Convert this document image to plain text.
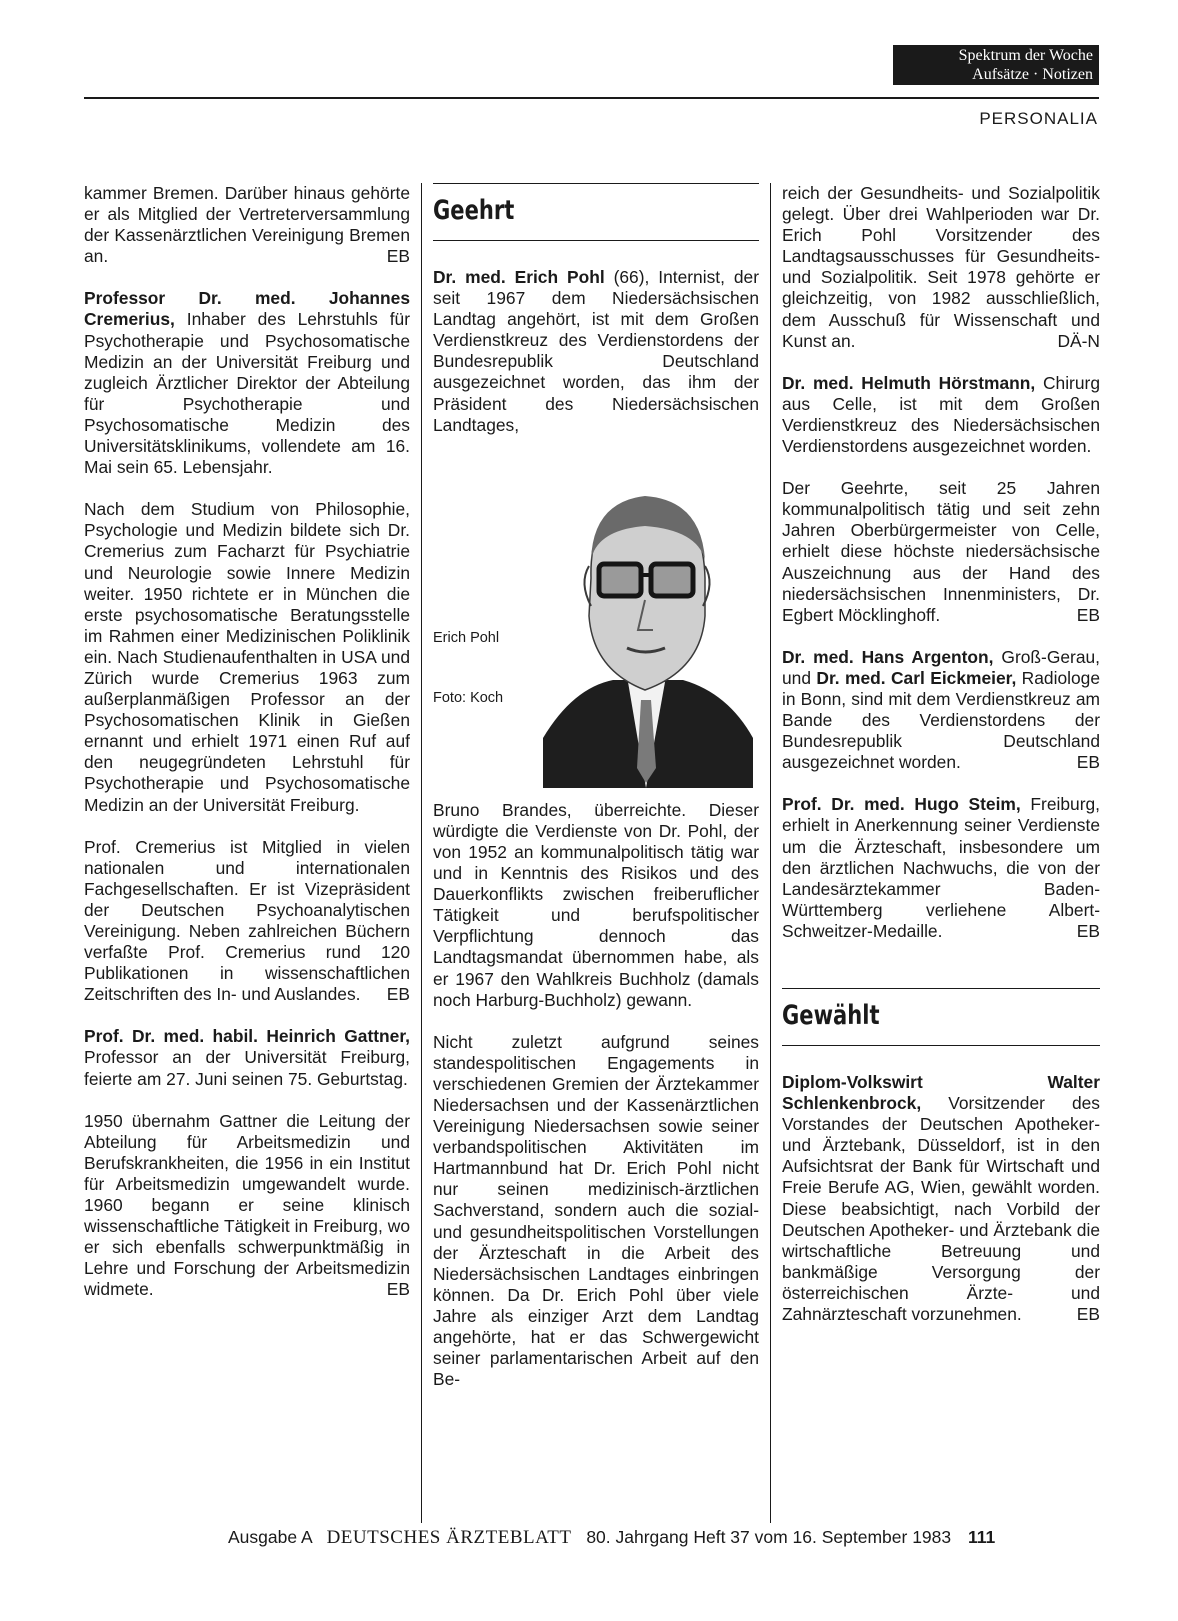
Spektrum der Woche
Aufsätze · Notizen
PERSONALIA

kammer Bremen. Darüber hinaus gehörte er als Mitglied der Vertreterversammlung der Kassenärztlichen Vereinigung Bremen an.	EB

Professor Dr. med. Johannes Cremerius, Inhaber des Lehrstuhls für Psychotherapie und Psychosomatische Medizin an der Universität Freiburg und zugleich Ärztlicher Direktor der Abteilung für Psychotherapie und Psychosomatische Medizin des Universitätsklinikums, vollendete am 16. Mai sein 65. Lebensjahr.

Nach dem Studium von Philosophie, Psychologie und Medizin bildete sich Dr. Cremerius zum Facharzt für Psychiatrie und Neurologie sowie Innere Medizin weiter. 1950 richtete er in München die erste psychosomatische Beratungsstelle im Rahmen einer Medizinischen Poliklinik ein. Nach Studienaufenthalten in USA und Zürich wurde Cremerius 1963 zum außerplanmäßigen Professor an der Psychosomatischen Klinik in Gießen ernannt und erhielt 1971 einen Ruf auf den neugegründeten Lehrstuhl für Psychotherapie und Psychosomatische Medizin an der Universität Freiburg.

Prof. Cremerius ist Mitglied in vielen nationalen und internationalen Fachgesellschaften. Er ist Vizepräsident der Deutschen Psychoanalytischen Vereinigung. Neben zahlreichen Büchern verfaßte Prof. Cremerius rund 120 Publikationen in wissenschaftlichen Zeitschriften des In- und Auslandes. EB

Prof. Dr. med. habil. Heinrich Gattner, Professor an der Universität Freiburg, feierte am 27. Juni seinen 75. Geburtstag.

1950 übernahm Gattner die Leitung der Abteilung für Arbeitsmedizin und Berufskrankheiten, die 1956 in ein Institut für Arbeitsmedizin umgewandelt wurde. 1960 begann er seine klinisch wissenschaftliche Tätigkeit in Freiburg, wo er sich ebenfalls schwerpunktmäßig in Lehre und Forschung der Arbeitsmedizin widmete.	EB

Geehrt

Dr. med. Erich Pohl (66), Internist, der seit 1967 dem Niedersächsischen Landtag angehört, ist mit dem Großen Verdienstkreuz des Verdienstordens der Bundesrepublik Deutschland ausgezeichnet worden, das ihm der Präsident des Niedersächsischen Landtages,

Erich Pohl
Foto: Koch

Bruno Brandes, überreichte. Dieser würdigte die Verdienste von Dr. Pohl, der von 1952 an kommunalpolitisch tätig war und in Kenntnis des Risikos und des Dauerkonflikts zwischen freiberuflicher Tätigkeit und berufspolitischer Verpflichtung dennoch das Landtagsmandat übernommen habe, als er 1967 den Wahlkreis Buchholz (damals noch Harburg-Buchholz) gewann.

Nicht zuletzt aufgrund seines standespolitischen Engagements in verschiedenen Gremien der Ärztekammer Niedersachsen und der Kassenärztlichen Vereinigung Niedersachsen sowie seiner verbandspolitischen Aktivitäten im Hartmannbund hat Dr. Erich Pohl nicht nur seinen medizinisch-ärztlichen Sachverstand, sondern auch die sozial- und gesundheitspolitischen Vorstellungen der Ärzteschaft in die Arbeit des Niedersächsischen Landtages einbringen können. Da Dr. Erich Pohl über viele Jahre als einziger Arzt dem Landtag angehörte, hat er das Schwergewicht seiner parlamentarischen Arbeit auf den Be-

reich der Gesundheits- und Sozialpolitik gelegt. Über drei Wahlperioden war Dr. Erich Pohl Vorsitzender des Landtagsausschusses für Gesundheits- und Sozialpolitik. Seit 1978 gehörte er gleichzeitig, von 1982 ausschließlich, dem Ausschuß für Wissenschaft und Kunst an.	DÄ-N

Dr. med. Helmuth Hörstmann, Chirurg aus Celle, ist mit dem Großen Verdienstkreuz des Niedersächsischen Verdienstordens ausgezeichnet worden.

Der Geehrte, seit 25 Jahren kommunalpolitisch tätig und seit zehn Jahren Oberbürgermeister von Celle, erhielt diese höchste niedersächsische Auszeichnung aus der Hand des niedersächsischen Innenministers, Dr. Egbert Möcklinghoff.	EB

Dr. med. Hans Argenton, Groß-Gerau, und Dr. med. Carl Eickmeier, Radiologe in Bonn, sind mit dem Verdienstkreuz am Bande des Verdienstordens der Bundesrepublik Deutschland ausgezeichnet worden.	EB

Prof. Dr. med. Hugo Steim, Freiburg, erhielt in Anerkennung seiner Verdienste um die Ärzteschaft, insbesondere um den ärztlichen Nachwuchs, die von der Landesärztekammer Baden-Württemberg verliehene Albert-Schweitzer-Medaille.	EB

Gewählt

Diplom-Volkswirt Walter Schlenkenbrock, Vorsitzender des Vorstandes der Deutschen Apotheker- und Ärztebank, Düsseldorf, ist in den Aufsichtsrat der Bank für Wirtschaft und Freie Berufe AG, Wien, gewählt worden. Diese beabsichtigt, nach Vorbild der Deutschen Apotheker- und Ärztebank die wirtschaftliche Betreuung und bankmäßige Versorgung der österreichischen Ärzte- und Zahnärzteschaft vorzunehmen.	EB

Ausgabe A DEUTSCHES ÄRZTEBLATT 80. Jahrgang Heft 37 vom 16. September 1983 111
